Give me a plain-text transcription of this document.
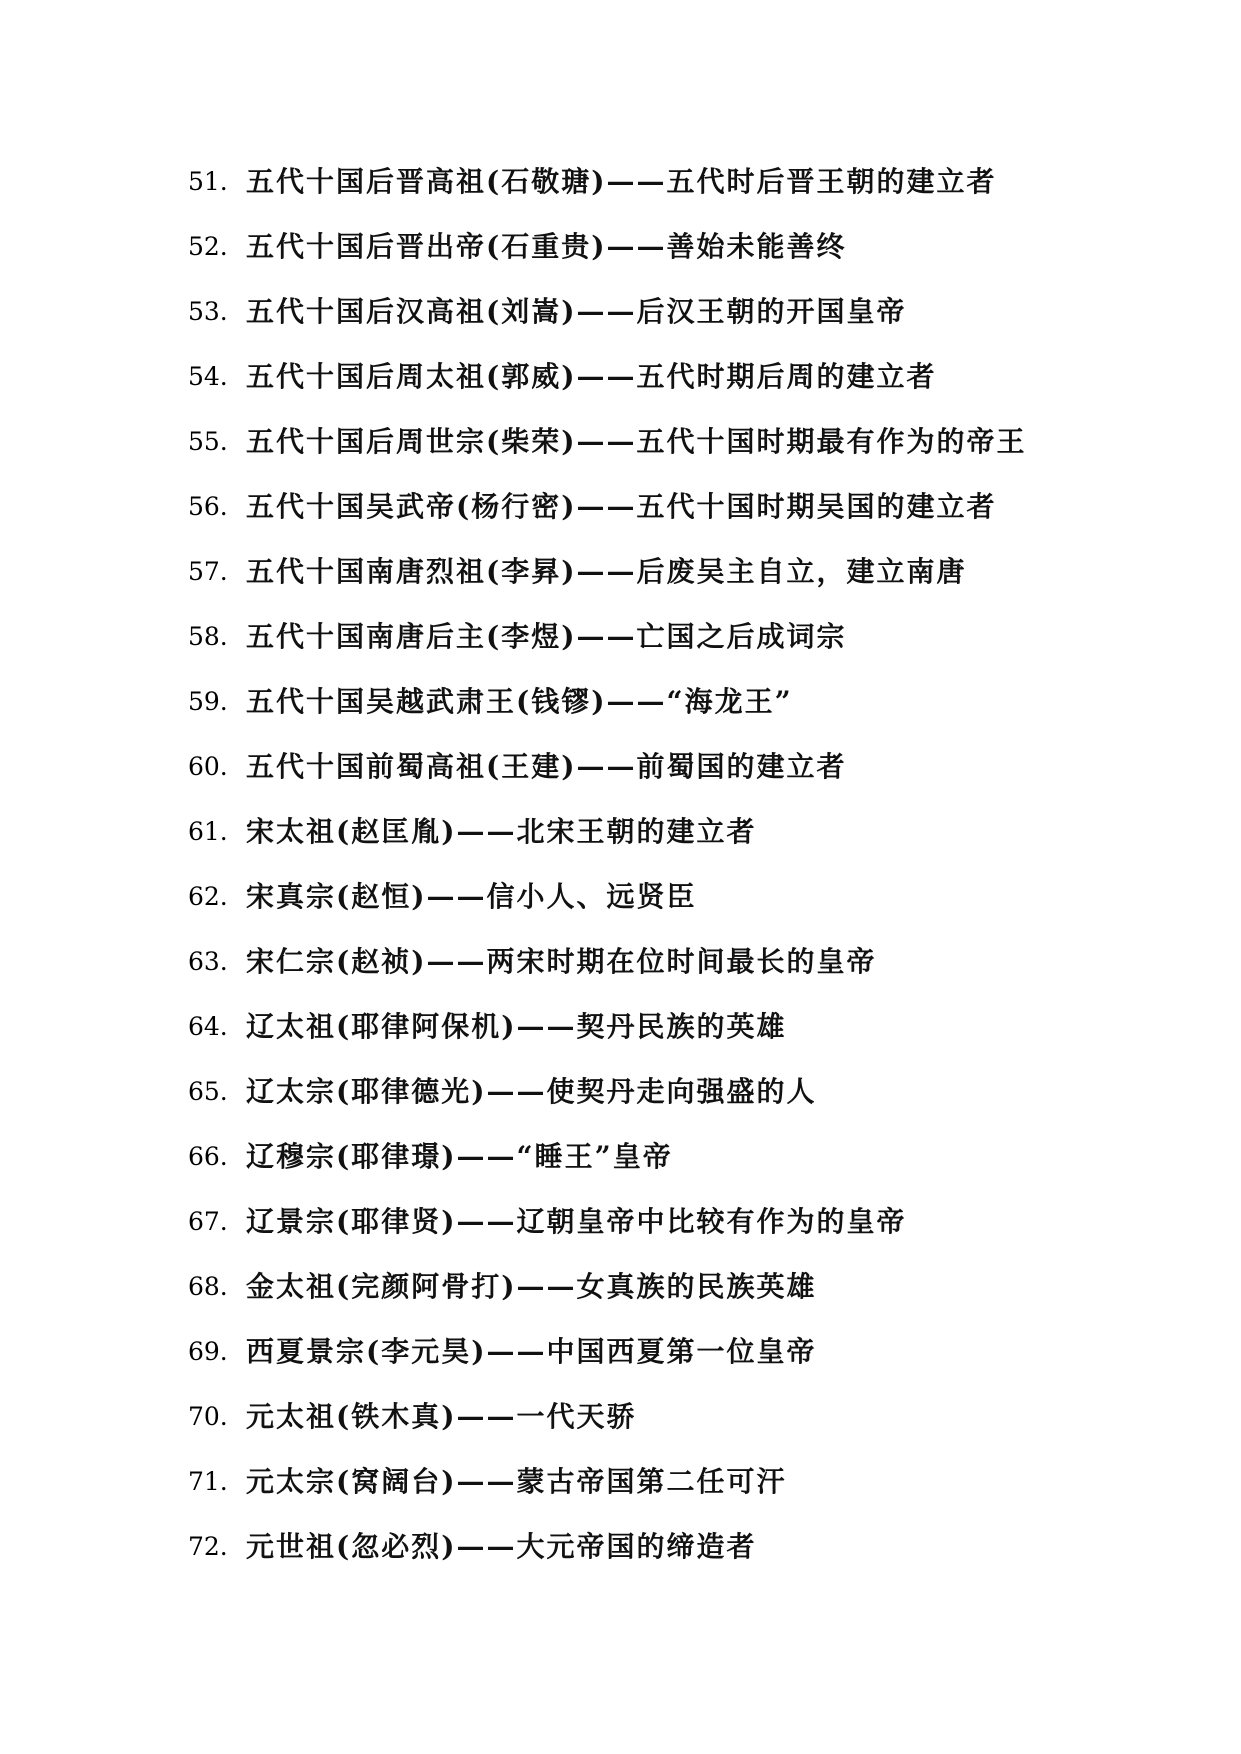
51. 五代十国后晋高祖(石敬瑭)——五代时后晋王朝的建立者
52. 五代十国后晋出帝(石重贵)——善始未能善终
53. 五代十国后汉高祖(刘嵩)——后汉王朝的开国皇帝
54. 五代十国后周太祖(郭威)——五代时期后周的建立者
55. 五代十国后周世宗(柴荣)——五代十国时期最有作为的帝王
56. 五代十国吴武帝(杨行密)——五代十国时期吴国的建立者
57. 五代十国南唐烈祖(李昪)——后废吴主自立，建立南唐
58. 五代十国南唐后主(李煜)——亡国之后成词宗
59. 五代十国吴越武肃王(钱镠)——“海龙王”
60. 五代十国前蜀高祖(王建)——前蜀国的建立者
61. 宋太祖(赵匡胤)——北宋王朝的建立者
62. 宋真宗(赵恒)——信小人、远贤臣
63. 宋仁宗(赵祯)——两宋时期在位时间最长的皇帝
64. 辽太祖(耶律阿保机)——契丹民族的英雄
65. 辽太宗(耶律德光)——使契丹走向强盛的人
66. 辽穆宗(耶律璟)——“睡王”皇帝
67. 辽景宗(耶律贤)——辽朝皇帝中比较有作为的皇帝
68. 金太祖(完颜阿骨打)——女真族的民族英雄
69. 西夏景宗(李元昊)——中国西夏第一位皇帝
70. 元太祖(铁木真)——一代天骄
71. 元太宗(窝阔台)——蒙古帝国第二任可汗
72. 元世祖(忽必烈)——大元帝国的缔造者
